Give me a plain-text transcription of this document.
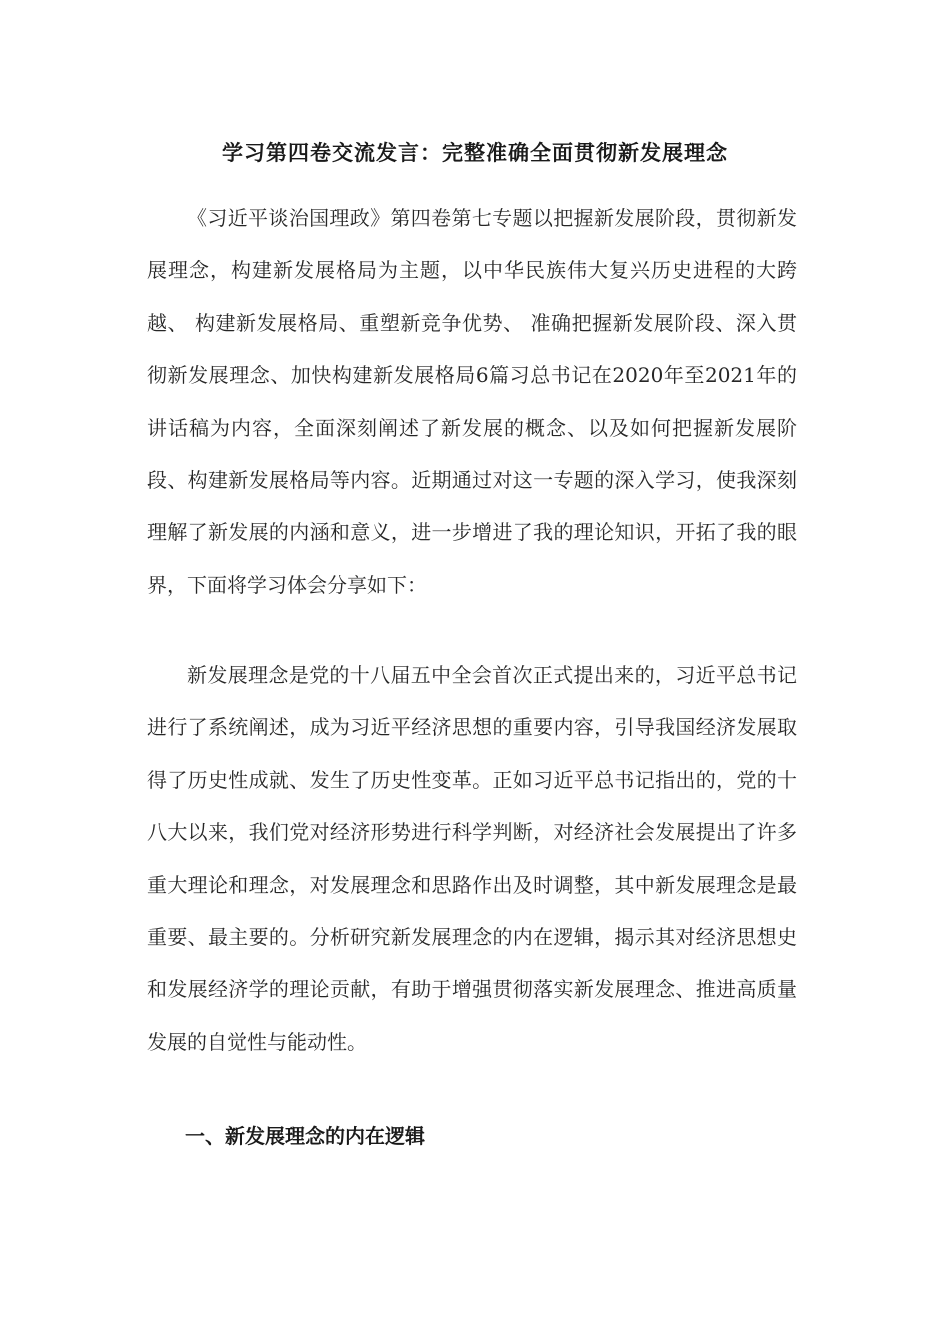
学习第四卷交流发言：完整准确全面贯彻新发展理念

《习近平谈治国理政》第四卷第七专题以把握新发展阶段，贯彻新发展理念，构建新发展格局为主题，以中华民族伟大复兴历史进程的大跨越、 构建新发展格局、重塑新竞争优势、 准确把握新发展阶段、深入贯彻新发展理念、加快构建新发展格局6篇习总书记在2020年至2021年的讲话稿为内容，全面深刻阐述了新发展的概念、以及如何把握新发展阶段、构建新发展格局等内容。近期通过对这一专题的深入学习，使我深刻理解了新发展的内涵和意义，进一步增进了我的理论知识，开拓了我的眼界，下面将学习体会分享如下：

新发展理念是党的十八届五中全会首次正式提出来的，习近平总书记进行了系统阐述，成为习近平经济思想的重要内容，引导我国经济发展取得了历史性成就、发生了历史性变革。正如习近平总书记指出的，党的十八大以来，我们党对经济形势进行科学判断，对经济社会发展提出了许多重大理论和理念，对发展理念和思路作出及时调整，其中新发展理念是最重要、最主要的。分析研究新发展理念的内在逻辑，揭示其对经济思想史和发展经济学的理论贡献，有助于增强贯彻落实新发展理念、推进高质量发展的自觉性与能动性。

一、新发展理念的内在逻辑
